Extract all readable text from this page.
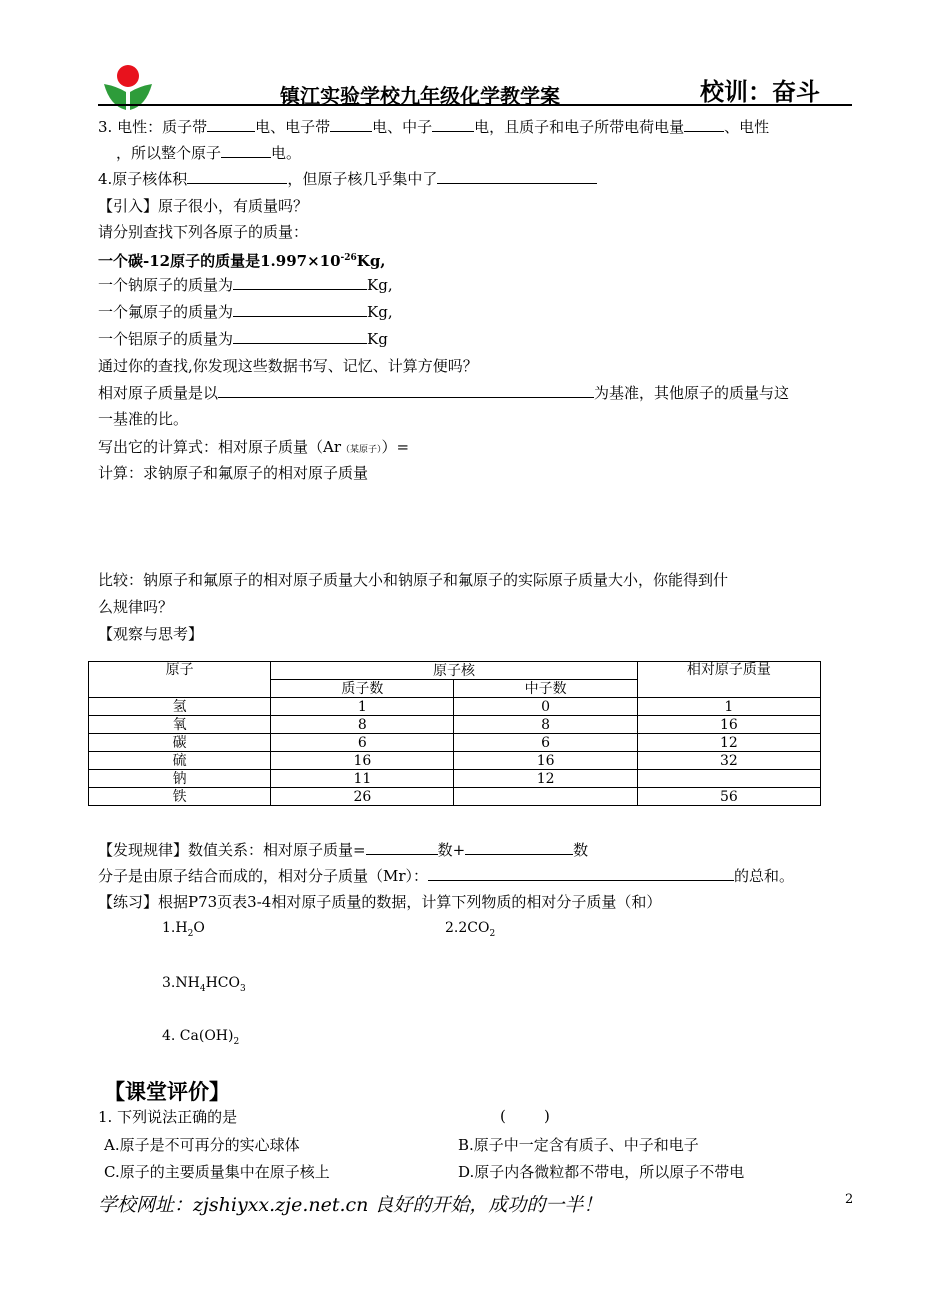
镇江实验学校九年级化学教学案	校训：奋斗
3. 电性：质子带	电、电子带	电、中子	电，且质子和电子所带电荷电量	、电性
，所以整个原子	电。
4.原子核体积	，但原子核几乎集中了
【引入】原子很小，有质量吗？
请分别查找下列各原子的质量：
一个碳-12原子的质量是$1.997\times 10^{-26}Kg$,
一个钠原子的质量为	Kg,
一个氟原子的质量为	Kg,
一个铝原子的质量为	Kg
通过你的查找,你发现这些数据书写、记忆、计算方便吗？
相对原子质量是以	为基准，其他原子的质量与这
一基准的比。
写出它的计算式：相对原子质量（Ar（某原子））=
计算：求钠原子和氟原子的相对原子质量
比较：钠原子和氟原子的相对原子质量大小和钠原子和氟原子的实际原子质量大小，你能得到什
么规律吗？
【观察与思考】
原子	原子核		相对原子质量
	质子数	中子数	
氢	1	0	1
氧	8	8	16
碳	6	6	12
硫	16	16	32
钠	11	12	
铁	26		56
【发现规律】数值关系：相对原子质量=	数+	数
分子是由原子结合而成的，相对分子质量（Mr）：	的总和。
【练习】根据P73页表3-4相对原子质量的数据，计算下列物质的相对分子质量（和）
$1.H_2O$	$2.2CO_2$
$3.NH_4HCO_3$
4. $Ca(OH)_2$
【课堂评价】
1. 下列说法正确的是	(        )
A.原子是不可再分的实心球体	B.原子中一定含有质子、中子和电子
C.原子的主要质量集中在原子核上	D.原子内各微粒都不带电，所以原子不带电
学校网址：zjshiyxx.zje.net.cn 良好的开始，成功的一半！	2
